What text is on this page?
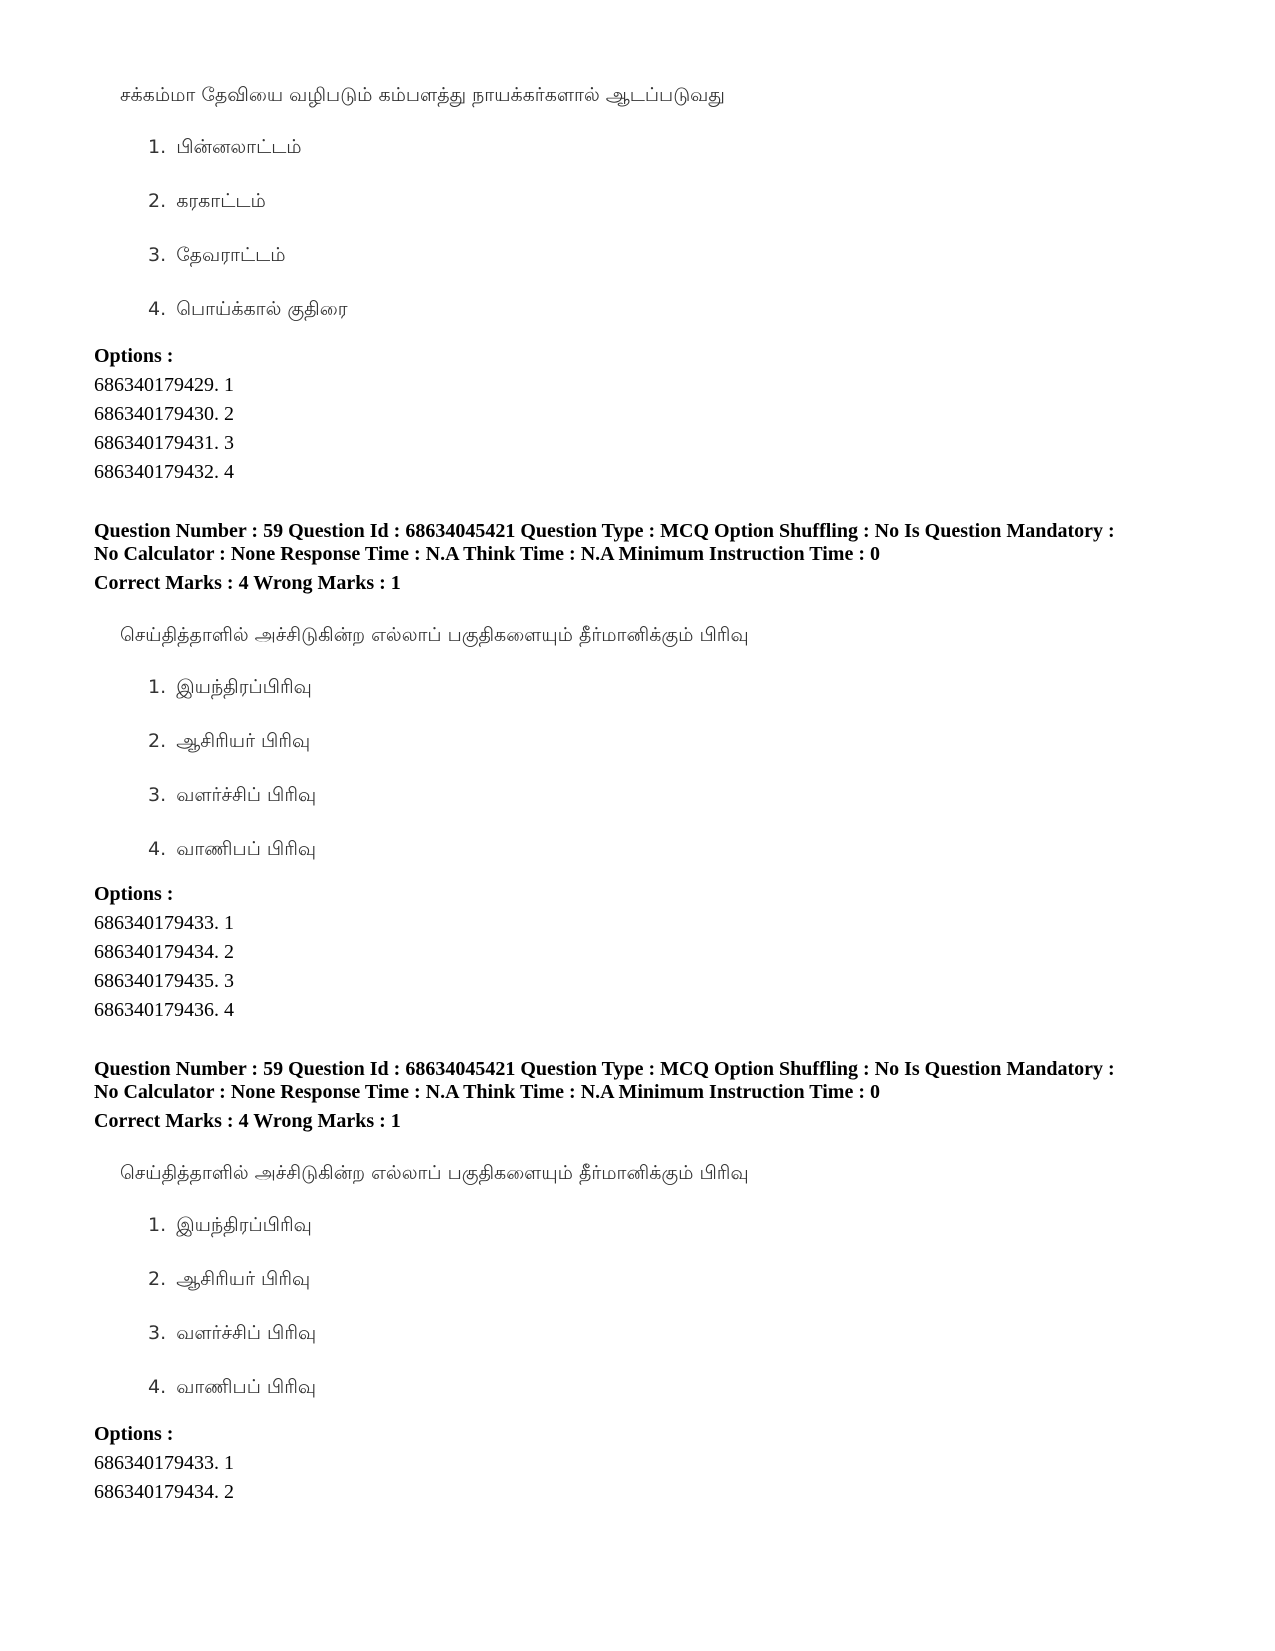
சக்கம்மா தேவியை வழிபடும் கம்பளத்து நாயக்கர்களால் ஆடப்படுவது
1. பின்னலாட்டம்
2. கரகாட்டம்
3. தேவராட்டம்
4. பொய்க்கால் குதிரை
Options :
686340179429. 1
686340179430. 2
686340179431. 3
686340179432. 4
Question Number : 59 Question Id : 68634045421 Question Type : MCQ Option Shuffling : No Is Question Mandatory :
No Calculator : None Response Time : N.A Think Time : N.A Minimum Instruction Time : 0
Correct Marks : 4 Wrong Marks : 1
செய்தித்தாளில் அச்சிடுகின்ற எல்லாப் பகுதிகளையும் தீர்மானிக்கும் பிரிவு
1. இயந்திரப்பிரிவு
2. ஆசிரியர் பிரிவு
3. வளர்ச்சிப் பிரிவு
4. வாணிபப் பிரிவு
Options :
686340179433. 1
686340179434. 2
686340179435. 3
686340179436. 4
Question Number : 59 Question Id : 68634045421 Question Type : MCQ Option Shuffling : No Is Question Mandatory :
No Calculator : None Response Time : N.A Think Time : N.A Minimum Instruction Time : 0
Correct Marks : 4 Wrong Marks : 1
செய்தித்தாளில் அச்சிடுகின்ற எல்லாப் பகுதிகளையும் தீர்மானிக்கும் பிரிவு
1. இயந்திரப்பிரிவு
2. ஆசிரியர் பிரிவு
3. வளர்ச்சிப் பிரிவு
4. வாணிபப் பிரிவு
Options :
686340179433. 1
686340179434. 2
